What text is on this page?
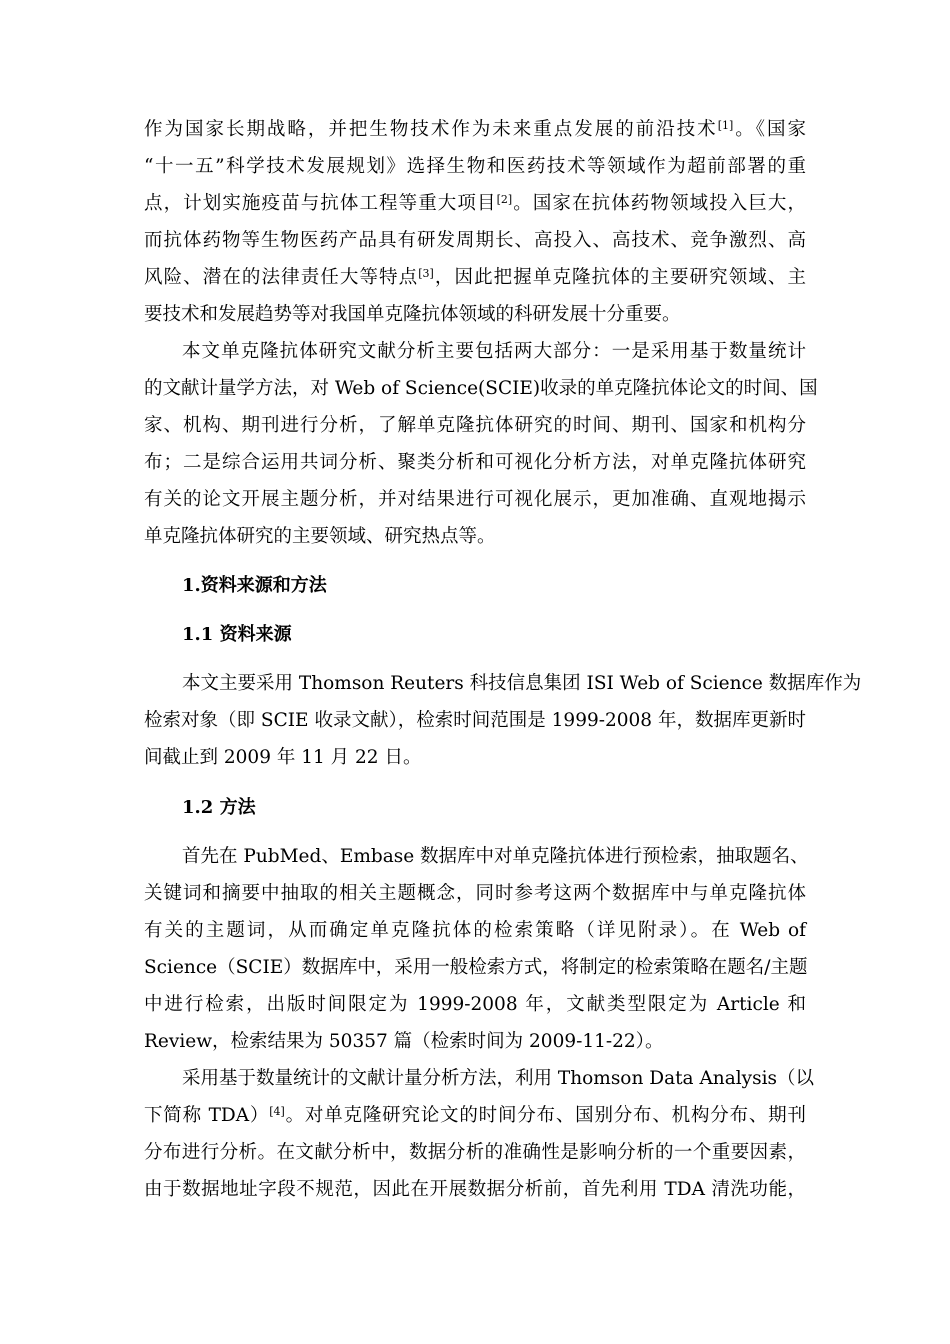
作为国家长期战略，并把生物技术作为未来重点发展的前沿技术[1]。《国家
“十一五”科学技术发展规划》选择生物和医药技术等领域作为超前部署的重
点，计划实施疫苗与抗体工程等重大项目[2]。国家在抗体药物领域投入巨大，
而抗体药物等生物医药产品具有研发周期长、高投入、高技术、竞争激烈、高
风险、潜在的法律责任大等特点[3]，因此把握单克隆抗体的主要研究领域、主
要技术和发展趋势等对我国单克隆抗体领域的科研发展十分重要。
本文单克隆抗体研究文献分析主要包括两大部分：一是采用基于数量统计
的文献计量学方法，对 Web of Science(SCIE)收录的单克隆抗体论文的时间、国
家、机构、期刊进行分析，了解单克隆抗体研究的时间、期刊、国家和机构分
布；二是综合运用共词分析、聚类分析和可视化分析方法，对单克隆抗体研究
有关的论文开展主题分析，并对结果进行可视化展示，更加准确、直观地揭示
单克隆抗体研究的主要领域、研究热点等。
1.资料来源和方法
1.1 资料来源
本文主要采用 Thomson Reuters 科技信息集团 ISI Web of Science 数据库作为
检索对象（即 SCIE 收录文献），检索时间范围是 1999-2008 年，数据库更新时
间截止到 2009 年 11 月 22 日。
1.2 方法
首先在 PubMed、Embase 数据库中对单克隆抗体进行预检索，抽取题名、
关键词和摘要中抽取的相关主题概念，同时参考这两个数据库中与单克隆抗体
有关的主题词，从而确定单克隆抗体的检索策略（详见附录）。在 Web of
Science（SCIE）数据库中，采用一般检索方式，将制定的检索策略在题名/主题
中进行检索，出版时间限定为 1999-2008 年，文献类型限定为 Article 和
Review，检索结果为 50357 篇（检索时间为 2009-11-22）。
采用基于数量统计的文献计量分析方法，利用 Thomson Data Analysis（以
下简称 TDA）[4]。对单克隆研究论文的时间分布、国别分布、机构分布、期刊
分布进行分析。在文献分析中，数据分析的准确性是影响分析的一个重要因素，
由于数据地址字段不规范，因此在开展数据分析前，首先利用 TDA 清洗功能，
